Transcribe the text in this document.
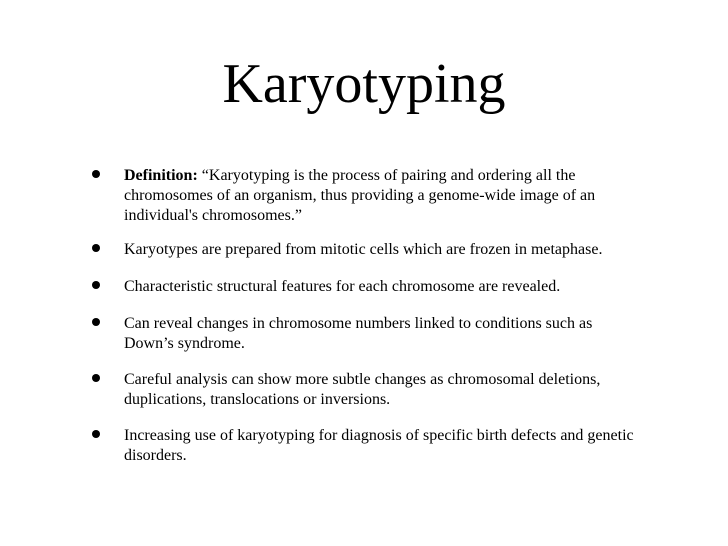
Karyotyping

Definition: “Karyotyping is the process of pairing and ordering all the chromosomes of an organism, thus providing a genome-wide image of an individual's chromosomes.”

Karyotypes are prepared from mitotic cells which are frozen in metaphase.

Characteristic structural features for each chromosome are revealed.

Can reveal changes in chromosome numbers linked to conditions such as Down’s syndrome.

Careful analysis can show more subtle changes as chromosomal deletions, duplications, translocations or inversions.

Increasing use of karyotyping for diagnosis of specific birth defects and genetic disorders.
